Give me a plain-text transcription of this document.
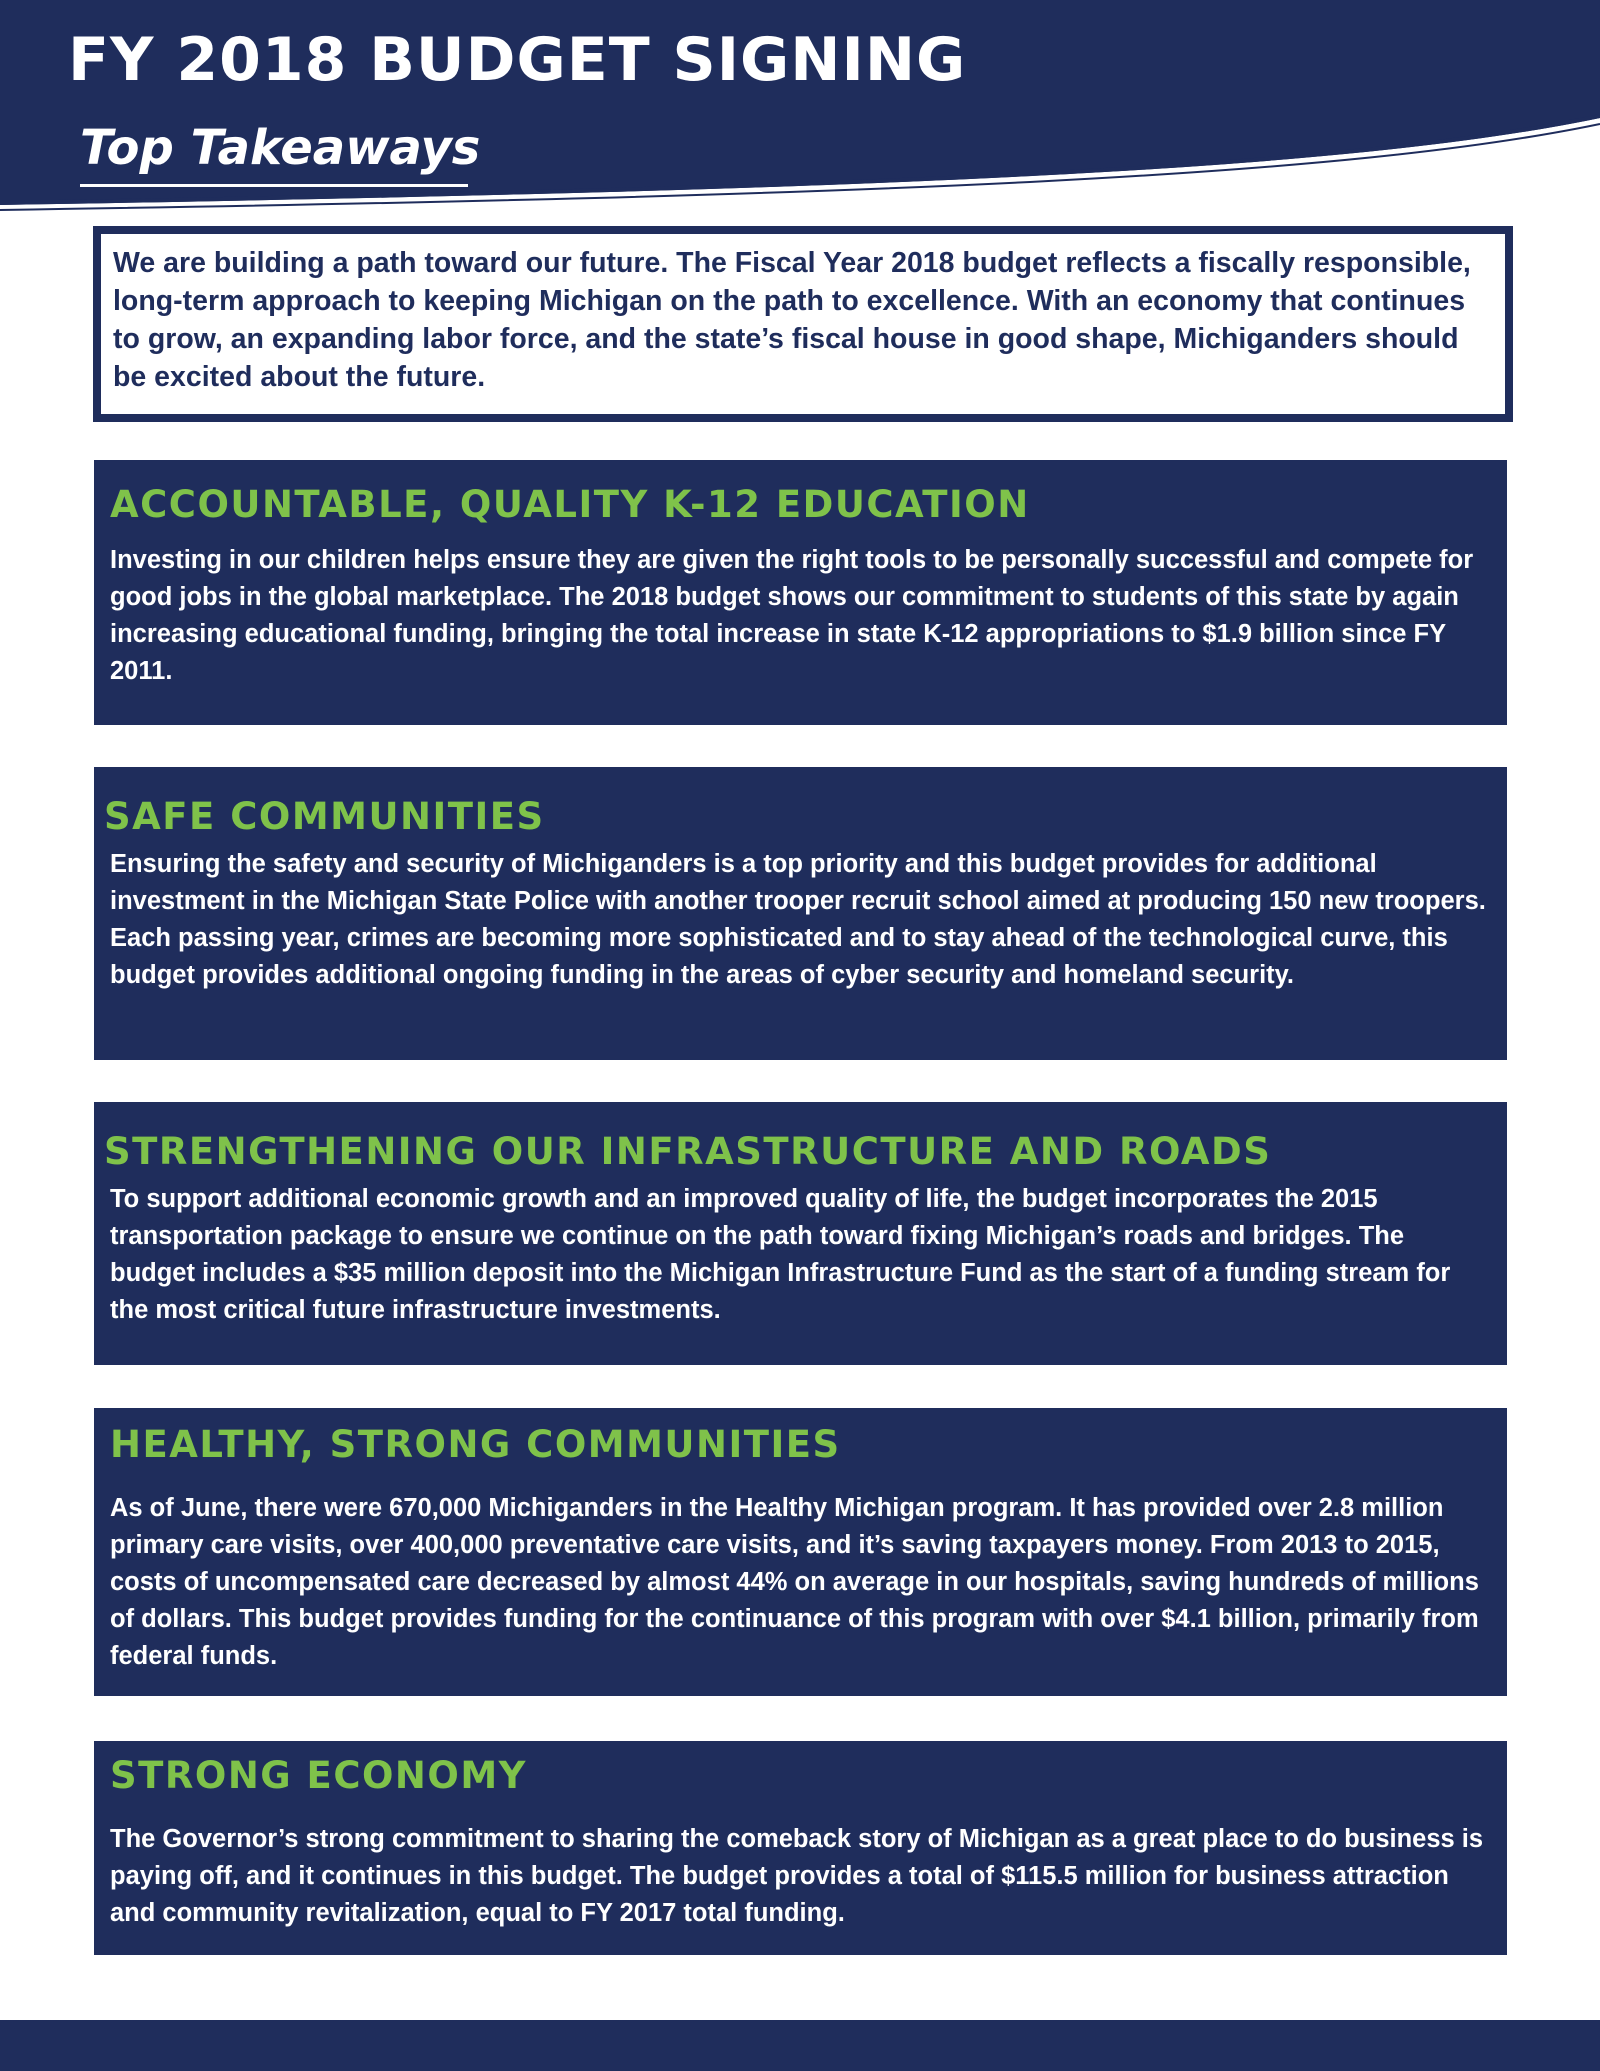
FY 2018 BUDGET SIGNING
Top Takeaways

We are building a path toward our future. The Fiscal Year 2018 budget reflects a fiscally responsible, long-term approach to keeping Michigan on the path to excellence. With an economy that continues to grow, an expanding labor force, and the state’s fiscal house in good shape, Michiganders should be excited about the future.

ACCOUNTABLE, QUALITY K-12 EDUCATION

Investing in our children helps ensure they are given the right tools to be personally successful and compete for good jobs in the global marketplace. The 2018 budget shows our commitment to students of this state by again increasing educational funding, bringing the total increase in state K-12 appropriations to $1.9 billion since FY 2011.

SAFE COMMUNITIES

Ensuring the safety and security of Michiganders is a top priority and this budget provides for additional investment in the Michigan State Police with another trooper recruit school aimed at producing 150 new troopers. Each passing year, crimes are becoming more sophisticated and to stay ahead of the technological curve, this budget provides additional ongoing funding in the areas of cyber security and homeland security.

STRENGTHENING OUR INFRASTRUCTURE AND ROADS

To support additional economic growth and an improved quality of life, the budget incorporates the 2015 transportation package to ensure we continue on the path toward fixing Michigan’s roads and bridges. The budget includes a $35 million deposit into the Michigan Infrastructure Fund as the start of a funding stream for the most critical future infrastructure investments.

HEALTHY, STRONG COMMUNITIES

As of June, there were 670,000 Michiganders in the Healthy Michigan program. It has provided over 2.8 million primary care visits, over 400,000 preventative care visits, and it’s saving taxpayers money. From 2013 to 2015, costs of uncompensated care decreased by almost 44% on average in our hospitals, saving hundreds of millions of dollars. This budget provides funding for the continuance of this program with over $4.1 billion, primarily from federal funds.

STRONG ECONOMY

The Governor’s strong commitment to sharing the comeback story of Michigan as a great place to do business is paying off, and it continues in this budget. The budget provides a total of $115.5 million for business attraction and community revitalization, equal to FY 2017 total funding.
